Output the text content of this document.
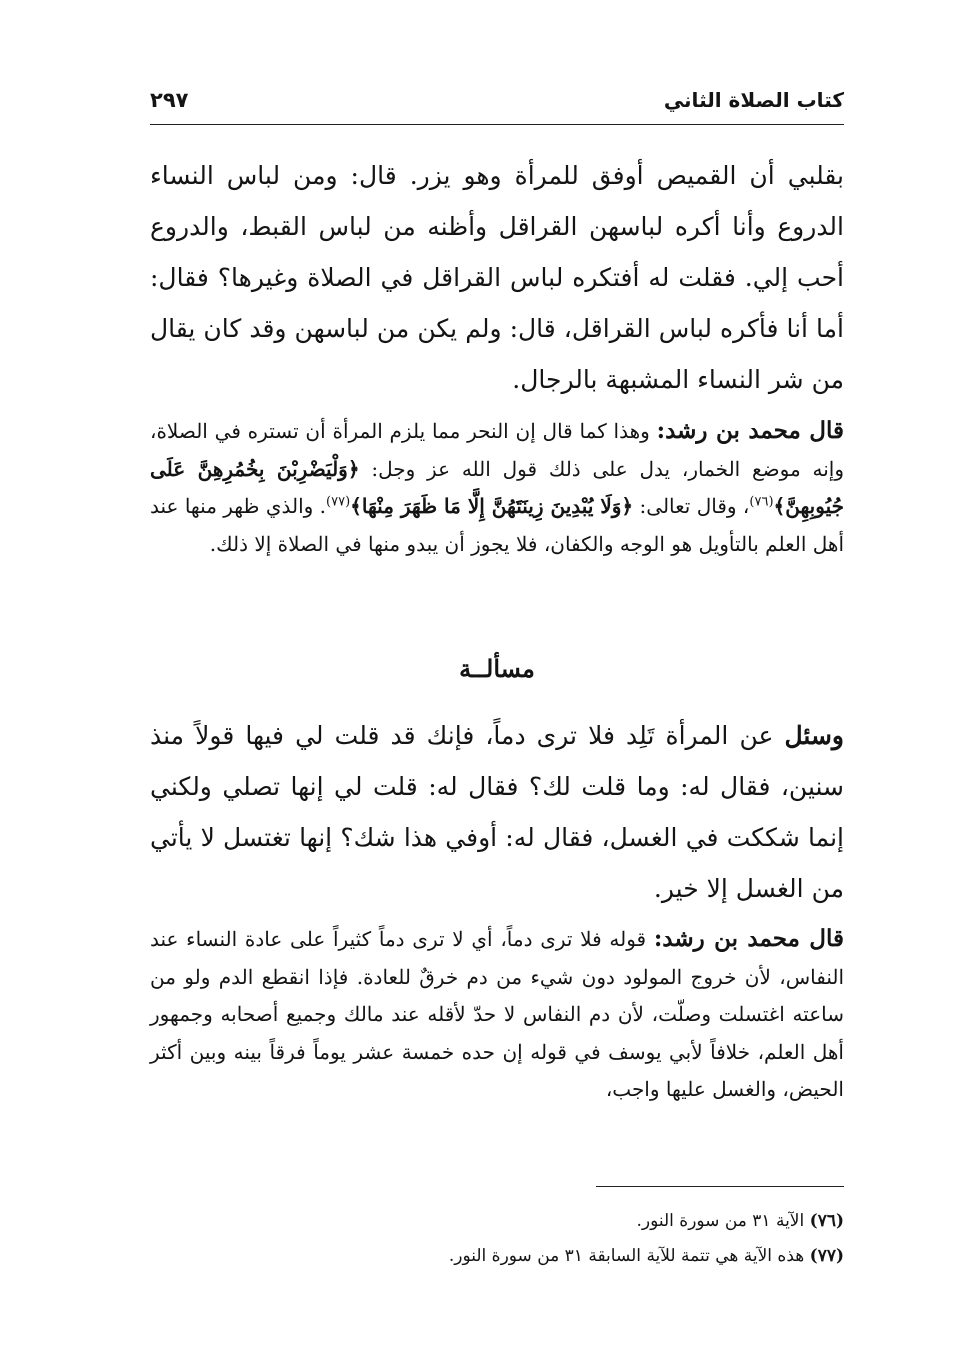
كتاب الصلاة الثاني
٢٩٧

بقلبي أن القميص أوفق للمرأة وهو يزر. قال: ومن لباس النساء الدروع وأنا أكره لباسهن القراقل وأظنه من لباس القبط، والدروع أحب إلي. فقلت له أفتكره لباس القراقل في الصلاة وغيرها؟ فقال: أما أنا فأكره لباس القراقل، قال: ولم يكن من لباسهن وقد كان يقال من شر النساء المشبهة بالرجال.

قال محمد بن رشد: وهذا كما قال إن النحر مما يلزم المرأة أن تستره في الصلاة، وإنه موضع الخمار، يدل على ذلك قول الله عز وجل: ﴿وَلْيَضْرِبْنَ بِخُمُرِهِنَّ عَلَى جُيُوبِهِنَّ﴾$^{(٧٦)}$، وقال تعالى: ﴿وَلَا يُبْدِينَ زِينَتَهُنَّ إِلَّا مَا ظَهَرَ مِنْهَا﴾$^{(٧٧)}$. والذي ظهر منها عند أهل العلم بالتأويل هو الوجه والكفان، فلا يجوز أن يبدو منها في الصلاة إلا ذلك.

مسألــة

وسئل عن المرأة تَلِد فلا ترى دماً، فإنك قد قلت لي فيها قولاً منذ سنين، فقال له: وما قلت لك؟ فقال له: قلت لي إنها تصلي ولكني إنما شككت في الغسل، فقال له: أوفي هذا شك؟ إنها تغتسل لا يأتي من الغسل إلا خير.

قال محمد بن رشد: قوله فلا ترى دماً، أي لا ترى دماً كثيراً على عادة النساء عند النفاس، لأن خروج المولود دون شيء من دم خرقٌ للعادة. فإذا انقطع الدم ولو من ساعته اغتسلت وصلّت، لأن دم النفاس لا حدّ لأقله عند مالك وجميع أصحابه وجمهور أهل العلم، خلافاً لأبي يوسف في قوله إن حده خمسة عشر يوماً فرقاً بينه وبين أكثر الحيض، والغسل عليها واجب،

(٧٦) الآية ٣١ من سورة النور.

(٧٧) هذه الآية هي تتمة للآية السابقة ٣١ من سورة النور.
